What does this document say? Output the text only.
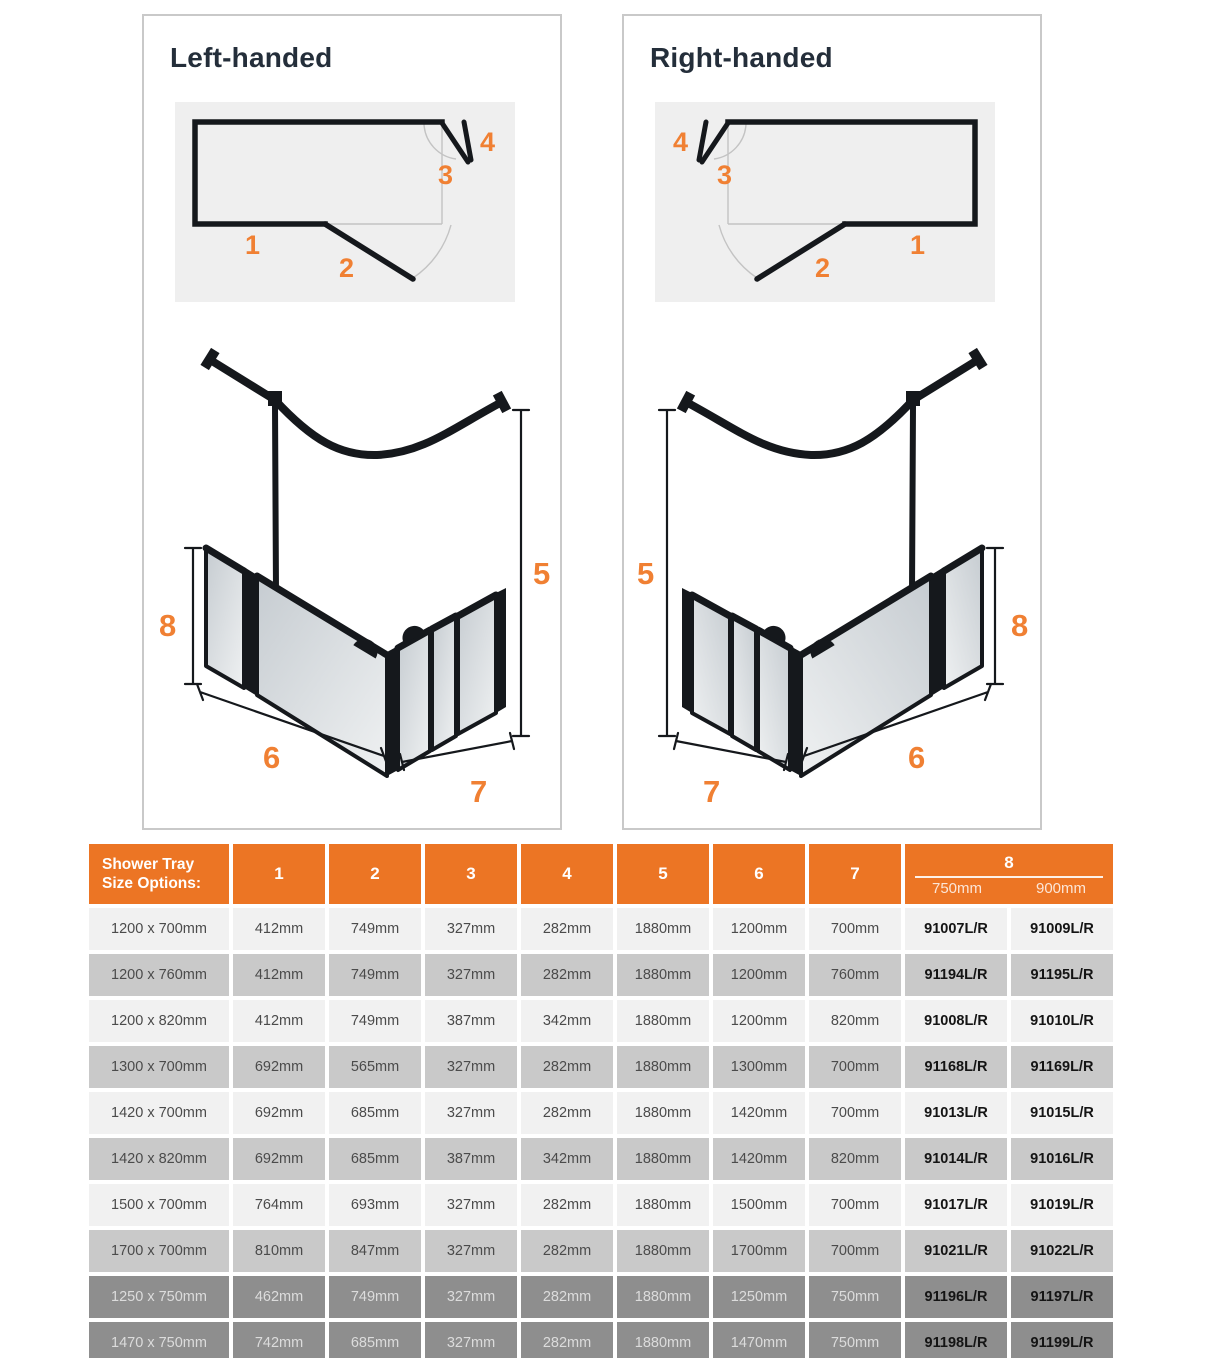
Left-handed
1
2
3
4
5
8
6
7
Right-handed
1
2
3
4
5
8
6
7
Shower Tray
Size Options:	1	2	3	4	5	6	7	8
750mm 900mm	

1200 x 700mm	412mm	749mm	327mm	282mm	1880mm	1200mm	700mm	91007L/R	91009L/R
1200 x 760mm	412mm	749mm	327mm	282mm	1880mm	1200mm	760mm	91194L/R	91195L/R
1200 x 820mm	412mm	749mm	387mm	342mm	1880mm	1200mm	820mm	91008L/R	91010L/R
1300 x 700mm	692mm	565mm	327mm	282mm	1880mm	1300mm	700mm	91168L/R	91169L/R
1420 x 700mm	692mm	685mm	327mm	282mm	1880mm	1420mm	700mm	91013L/R	91015L/R
1420 x 820mm	692mm	685mm	387mm	342mm	1880mm	1420mm	820mm	91014L/R	91016L/R
1500 x 700mm	764mm	693mm	327mm	282mm	1880mm	1500mm	700mm	91017L/R	91019L/R
1700 x 700mm	810mm	847mm	327mm	282mm	1880mm	1700mm	700mm	91021L/R	91022L/R
1250 x 750mm	462mm	749mm	327mm	282mm	1880mm	1250mm	750mm	91196L/R	91197L/R
1470 x 750mm	742mm	685mm	327mm	282mm	1880mm	1470mm	750mm	91198L/R	91199L/R
